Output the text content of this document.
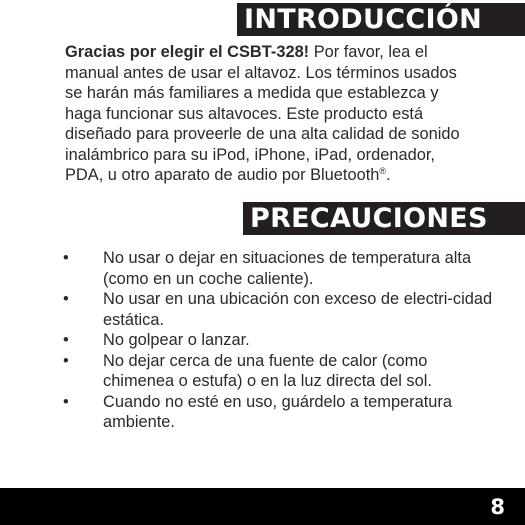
INTRODUCCIÓN

Gracias por elegir el CSBT-328! Por favor, lea el manual antes de usar el altavoz. Los términos usados se harán más familiares a medida que establezca y haga funcionar sus altavoces. Este producto está diseñado para proveerle de una alta calidad de sonido inalámbrico para su iPod, iPhone, iPad, ordenador, PDA, u otro aparato de audio por Bluetooth®.

PRECAUCIONES
• No usar o dejar en situaciones de temperatura alta (como en un coche caliente).
• No usar en una ubicación con exceso de electri-cidad estática.
• No golpear o lanzar.
• No dejar cerca de una fuente de calor (como chimenea o estufa) o en la luz directa del sol.
• Cuando no esté en uso, guárdelo a temperatura ambiente.
8
